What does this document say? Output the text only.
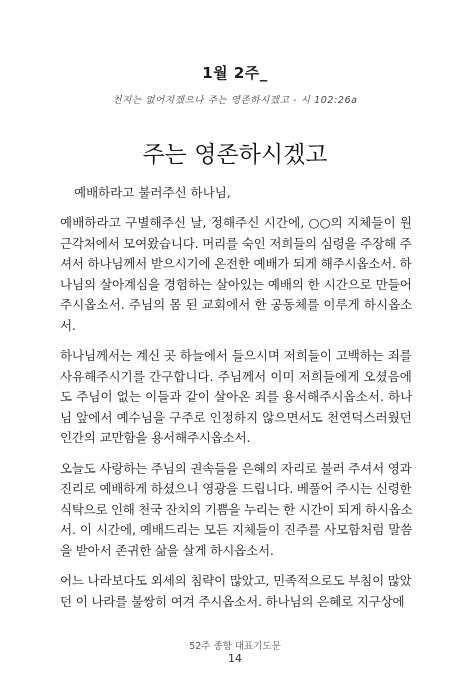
1월 2주_
천지는 없어지겠으나 주는 영존하시겠고 - 시 102:26a
주는 영존하시겠고
예배하라고 불러주신 하나님,
예배하라고 구별해주신 날, 정해주신 시간에, ○○의 지체들이 원
근각처에서 모여왔습니다. 머리를 숙인 저희들의 심령을 주장해 주
셔서 하나님께서 받으시기에 온전한 예배가 되게 해주시옵소서. 하
나님의 살아계심을 경험하는 살아있는 예배의 한 시간으로 만들어
주시옵소서. 주님의 몸 된 교회에서 한 공동체를 이루게 하시옵소
서.
하나님께서는 계신 곳 하늘에서 들으시며 저희들이 고백하는 죄를
사유해주시기를 간구합니다. 주님께서 이미 저희들에게 오셨음에
도 주님이 없는 이들과 같이 살아온 죄를 용서해주시옵소서. 하나
님 앞에서 예수님을 구주로 인정하지 않으면서도 천연덕스러웠던
인간의 교만함을 용서해주시옵소서.
오늘도 사랑하는 주님의 권속들을 은혜의 자리로 불러 주셔서 영과
진리로 예배하게 하셨으니 영광을 드립니다. 베풀어 주시는 신령한
식탁으로 인해 천국 잔치의 기쁨을 누리는 한 시간이 되게 하시옵소
서. 이 시간에, 예배드리는 모든 지체들이 진주를 사모함처럼 말씀
을 받아서 존귀한 삶을 살게 하시옵소서.
어느 나라보다도 외세의 침략이 많았고, 민족적으로도 부침이 많았
던 이 나라를 불쌍히 여겨 주시옵소서. 하나님의 은혜로 지구상에
52주 종합 대표기도문
14
